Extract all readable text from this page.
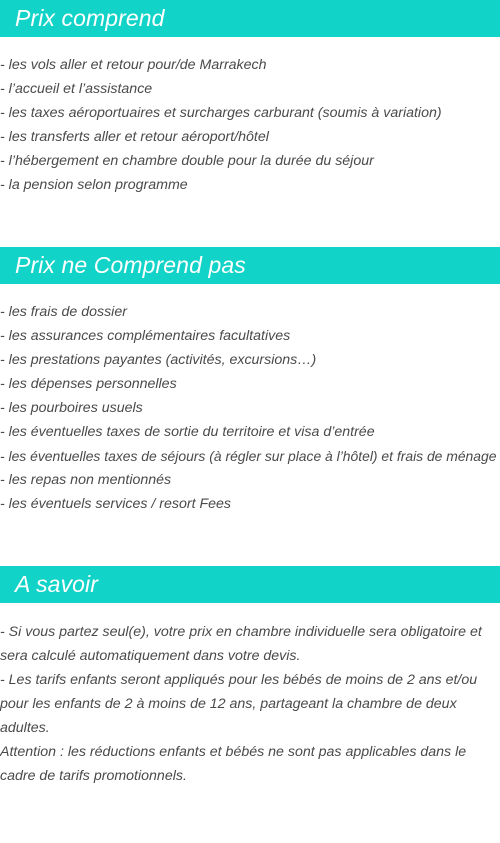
Prix comprend
- les vols aller et retour pour/de Marrakech
- l’accueil et l’assistance
- les taxes aéroportuaires et surcharges carburant (soumis à variation)
- les transferts aller et retour aéroport/hôtel
- l’hébergement en chambre double pour la durée du séjour
- la pension selon programme
Prix ne Comprend pas
- les frais de dossier
- les assurances complémentaires facultatives
- les prestations payantes (activités, excursions…)
- les dépenses personnelles
- les pourboires usuels
- les éventuelles taxes de sortie du territoire et visa d’entrée
- les éventuelles taxes de séjours (à régler sur place à l’hôtel) et frais de ménage
- les repas non mentionnés
- les éventuels services / resort Fees
A savoir

- Si vous partez seul(e), votre prix en chambre individuelle sera obligatoire et sera calculé automatiquement dans votre devis.

- Les tarifs enfants seront appliqués pour les bébés de moins de 2 ans et/ou pour les enfants de 2 à moins de 12 ans, partageant la chambre de deux adultes.

Attention : les réductions enfants et bébés ne sont pas applicables dans le cadre de tarifs promotionnels.
